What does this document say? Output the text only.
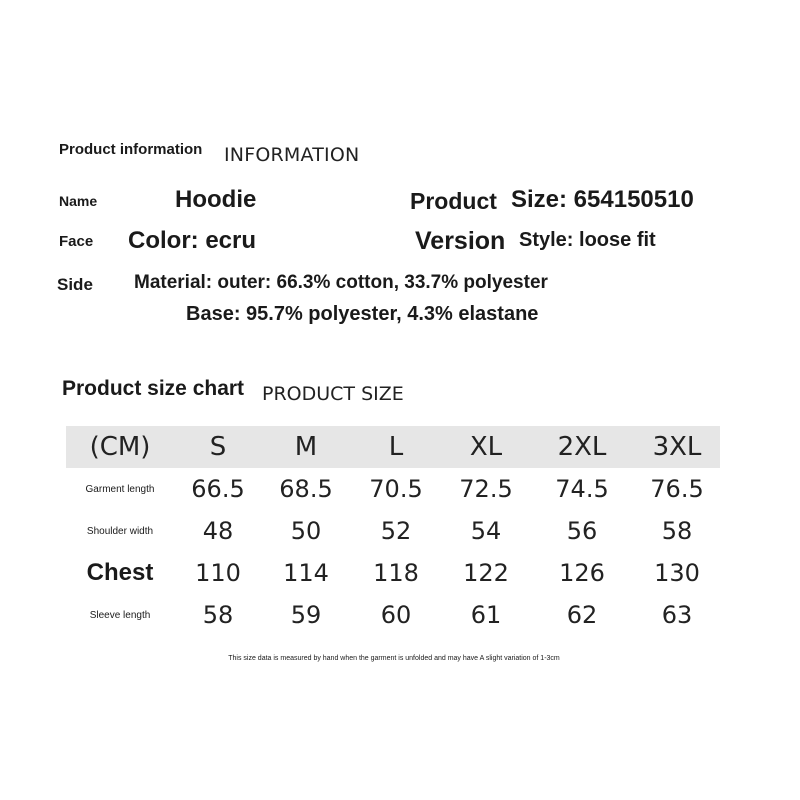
Product information INFORMATION
Name	Hoodie	Product Size: 654150510
Face Color: ecru	Version Style: loose fit
Side Material: outer: 66.3% cotton, 33.7% polyester
Base: 95.7% polyester, 4.3% elastane
Product size chart PRODUCT SIZE
(CM)	S	M	L	XL	2XL	3XL
Garment length	66.5	68.5	70.5	72.5	74.5	76.5
Shoulder width	48	50	52	54	56	58
Chest	110	114	118	122	126	130
Sleeve length	58	59	60	61	62	63
This size data is measured by hand when the garment is unfolded and may have A slight variation of 1-3cm
